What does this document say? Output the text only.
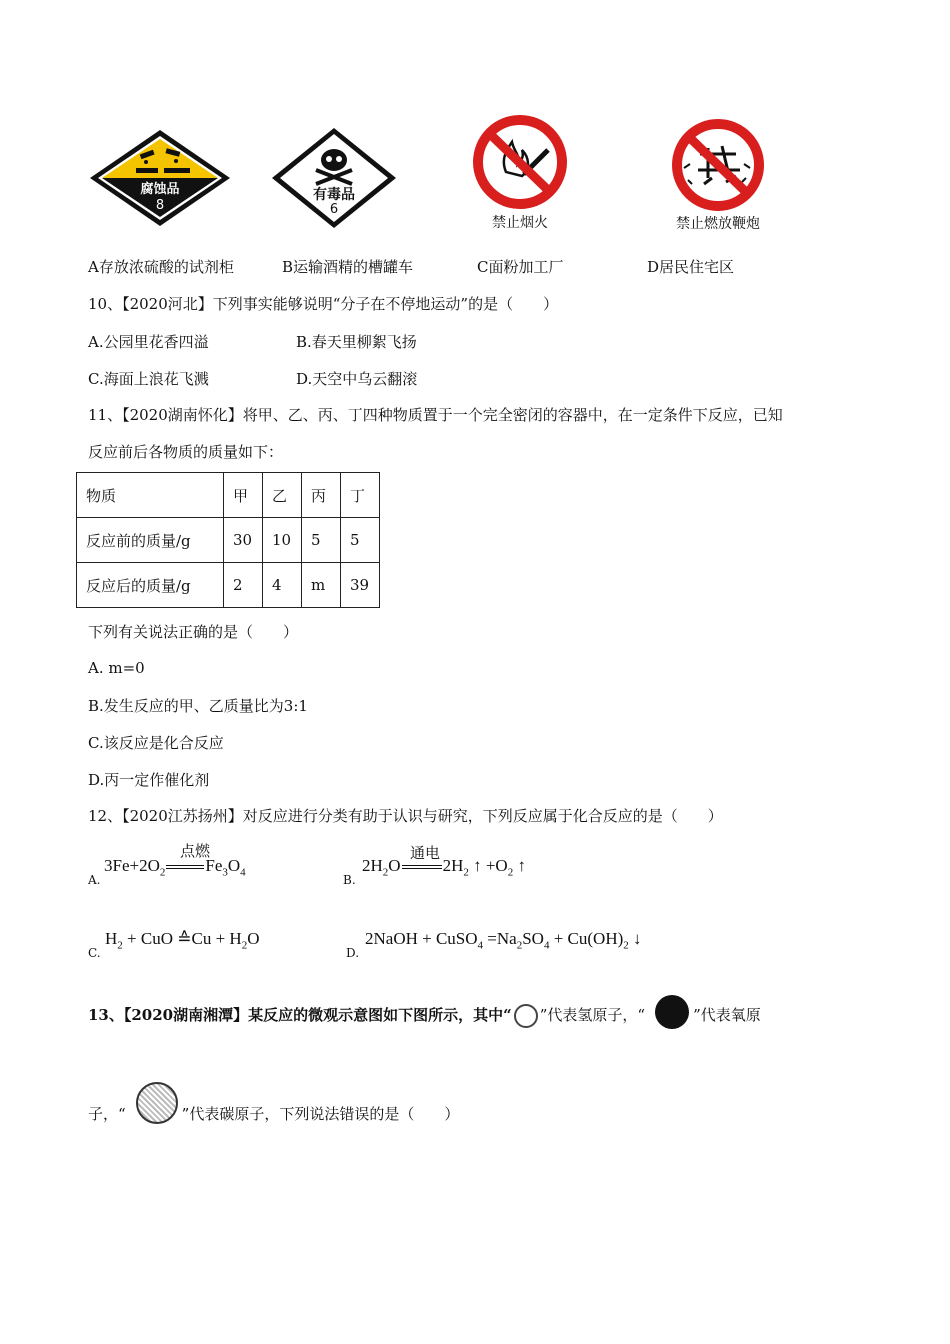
腐蚀品
8
有毒品
6
禁止烟火	禁止燃放鞭炮
A存放浓硫酸的试剂柜	B运输酒精的槽罐车	C面粉加工厂	D居民住宅区
10、【2020河北】下列事实能够说明“分子在不停地运动”的是（　　）
A.公园里花香四溢	B.春天里柳絮飞扬
C.海面上浪花飞溅	D.天空中乌云翻滚
11、【2020湖南怀化】将甲、乙、丙、丁四种物质置于一个完全密闭的容器中，在一定条件下反应，已知
反应前后各物质的质量如下：
物质	甲	乙	丙	丁
反应前的质量/g	30	10	5	5
反应后的质量/g	2	4	m	39
下列有关说法正确的是（　　）
A. m=0
B.发生反应的甲、乙质量比为3:1
C.该反应是化合反应
D.丙一定作催化剂
12、【2020江苏扬州】对反应进行分类有助于认识与研究，下列反应属于化合反应的是（　　）
A.
点燃
$3Fe+2O_2$ $Fe_3O_4$
B.
通电
$2H_2O$ $2H_2$ ↑ $+O_2$ ↑
C.
$H_2$ + CuO ≙Cu + $H_2O$
D.
2NaOH + CuSO$_4$ $=Na_2SO_4 + Cu(OH)_2$ ↓
13、【2020湖南湘潭】某反应的微观示意图如下图所示，其中“ ”代表氢原子，“	”代表氧原
子，“	”代表碳原子，下列说法错误的是（　　）
